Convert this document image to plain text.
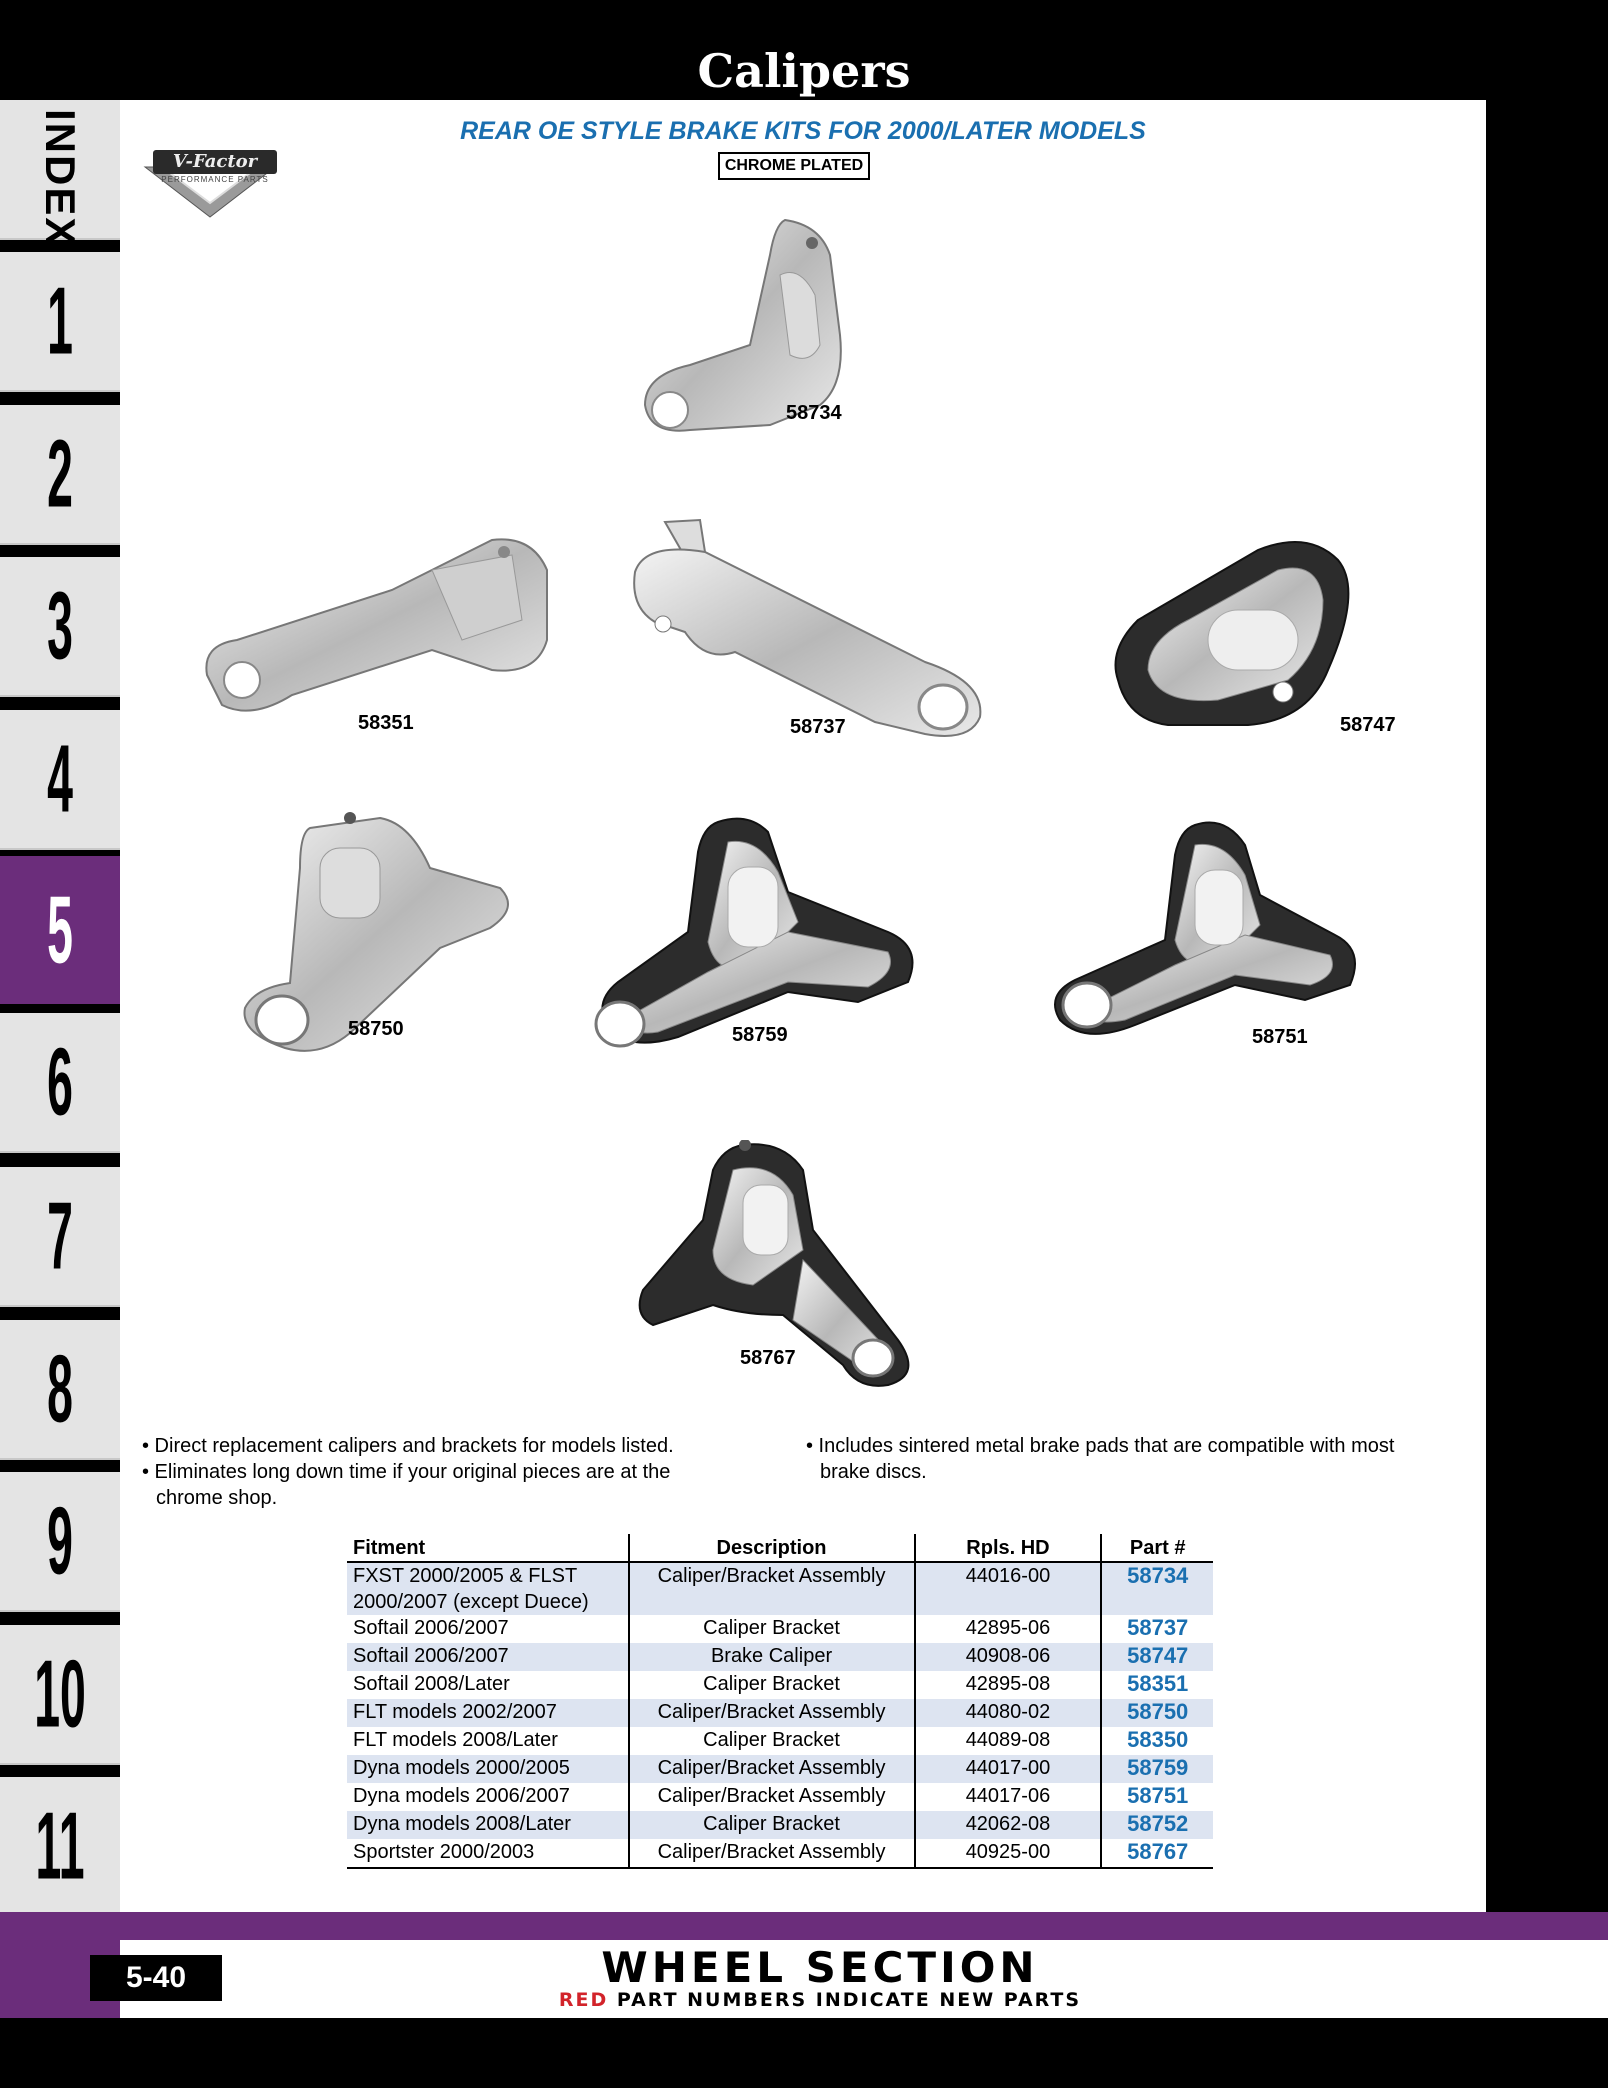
Calipers
INDEX
1
2
3
4
5
6
7
8
9
10
11
V-Factor
PERFORMANCE PARTS
REAR OE STYLE BRAKE KITS FOR 2000/LATER MODELS
CHROME PLATED
58734
58351	58737	58747
58750	58759	58751
58767
• Direct replacement calipers and brackets for models listed.
• Eliminates long down time if your original pieces are at the chrome shop.
• Includes sintered metal brake pads that are compatible with most brake discs.
Fitment	Description	Rpls. HD	Part #
FXST 2000/2005 & FLST 2000/2007 (except Duece)	Caliper/Bracket Assembly	44016-00	58734
Softail 2006/2007	Caliper Bracket	42895-06	58737
Softail 2006/2007	Brake Caliper	40908-06	58747
Softail 2008/Later	Caliper Bracket	42895-08	58351
FLT models 2002/2007	Caliper/Bracket Assembly	44080-02	58750
FLT models 2008/Later	Caliper Bracket	44089-08	58350
Dyna models 2000/2005	Caliper/Bracket Assembly	44017-00	58759
Dyna models 2006/2007	Caliper/Bracket Assembly	44017-06	58751
Dyna models 2008/Later	Caliper Bracket	42062-08	58752
Sportster 2000/2003	Caliper/Bracket Assembly	40925-00	58767
5-40	WHEEL SECTION
RED PART NUMBERS INDICATE NEW PARTS
